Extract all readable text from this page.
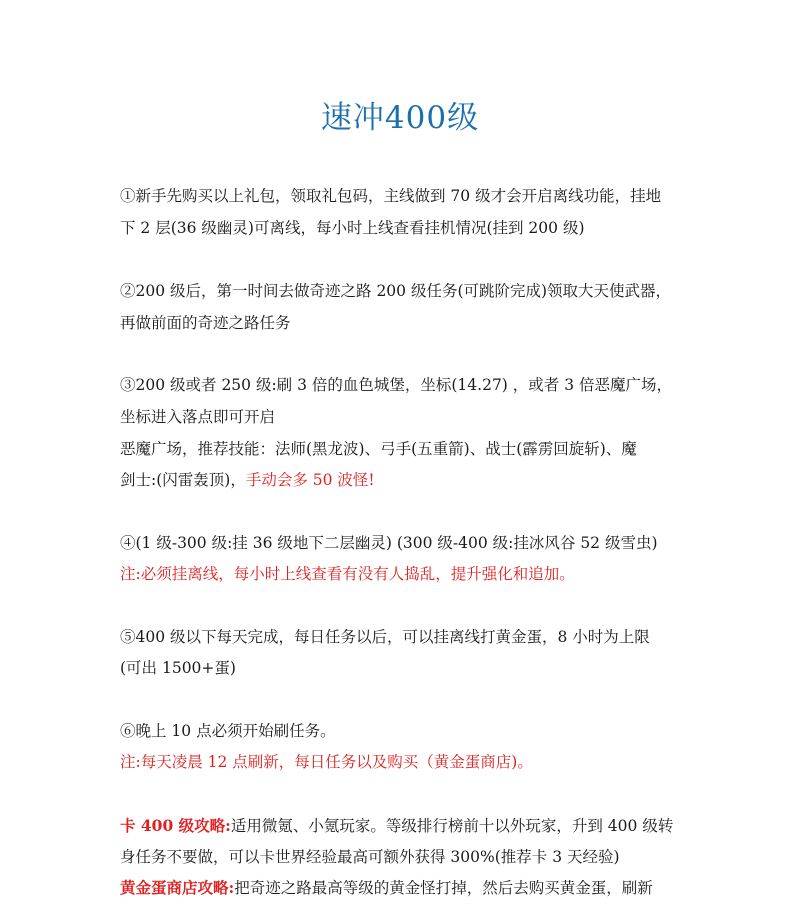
速冲400级
①新手先购买以上礼包，领取礼包码，主线做到 70 级才会开启离线功能，挂地
下 2 层(36 级幽灵)可离线，每小时上线查看挂机情况(挂到 200 级)
②200 级后，第一时间去做奇迹之路 200 级任务(可跳阶完成)领取大天使武器，
再做前面的奇迹之路任务
③200 级或者 250 级:刷 3 倍的血色城堡，坐标(14.27) ，或者 3 倍恶魔广场，
坐标进入落点即可开启
恶魔广场，推荐技能：法师(黑龙波)、弓手(五重箭)、战士(霹雳回旋斩)、魔
剑士:(闪雷轰顶)，手动会多 50 波怪!
④(1 级-300 级:挂 36 级地下二层幽灵) (300 级-400 级:挂冰风谷 52 级雪虫)
注:必须挂离线，每小时上线查看有没有人捣乱，提升强化和追加。
⑤400 级以下每天完成，每日任务以后，可以挂离线打黄金蛋，8 小时为上限
(可出 1500+蛋)
⑥晚上 10 点必须开始刷任务。
注:每天凌晨 12 点刷新，每日任务以及购买（黄金蛋商店)。
卡 400 级攻略:适用微氪、小氪玩家。等级排行榜前十以外玩家，升到 400 级转
身任务不要做，可以卡世界经验最高可额外获得 300%(推荐卡 3 天经验)
黄金蛋商店攻略:把奇迹之路最高等级的黄金怪打掉，然后去购买黄金蛋，刷新
